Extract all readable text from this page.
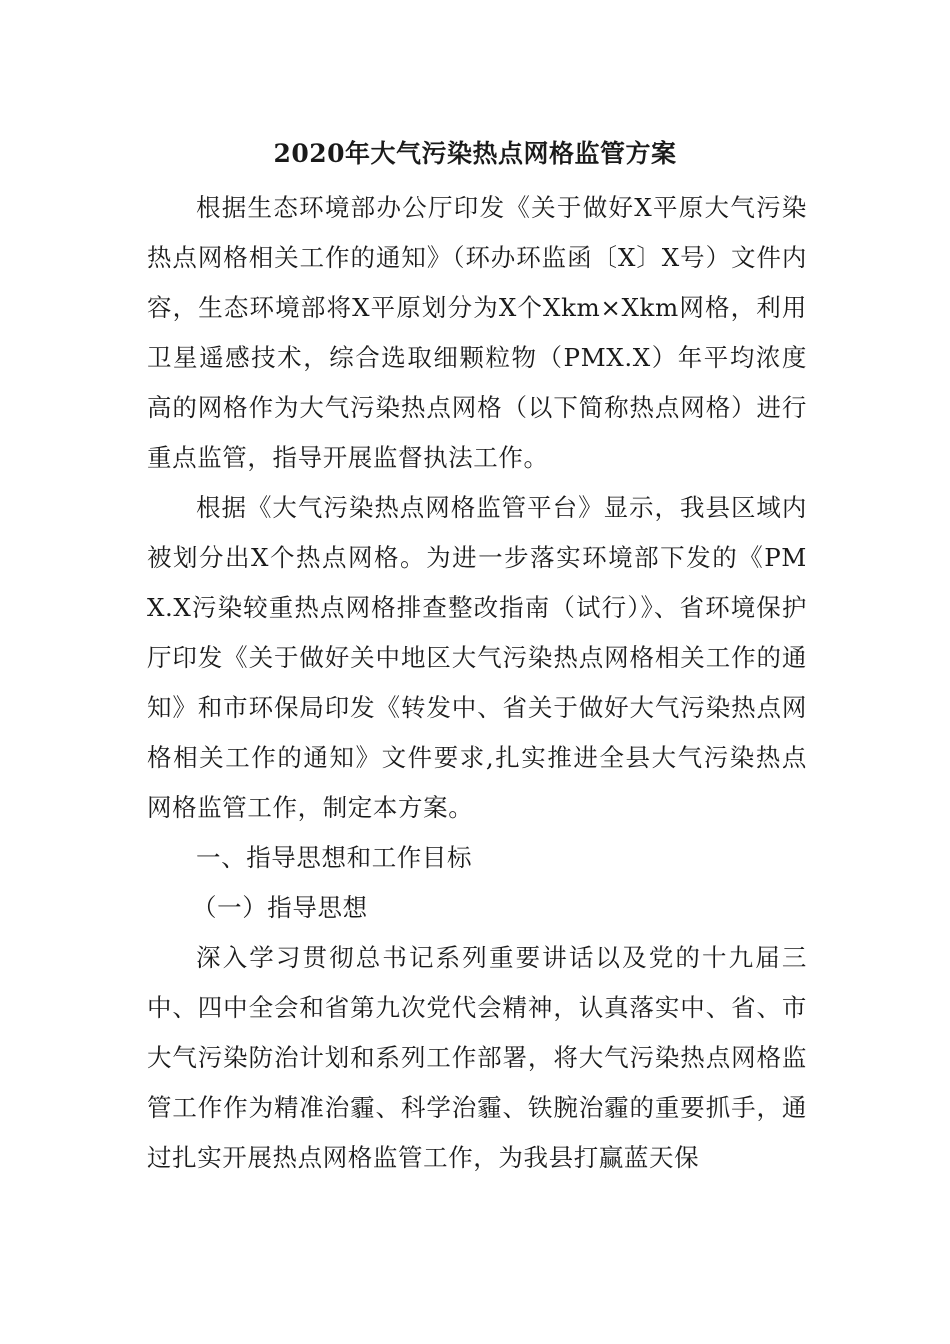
2020年大气污染热点网格监管方案

根据生态环境部办公厅印发《关于做好X平原大气污染热点网格相关工作的通知》（环办环监函〔X〕X号）文件内容，生态环境部将X平原划分为X个Xkm×Xkm网格，利用卫星遥感技术，综合选取细颗粒物（PMX.X）年平均浓度高的网格作为大气污染热点网格（以下简称热点网格）进行重点监管，指导开展监督执法工作。

根据《大气污染热点网格监管平台》显示，我县区域内被划分出X个热点网格。为进一步落实环境部下发的《PMX.X污染较重热点网格排查整改指南（试行）》、省环境保护厅印发《关于做好关中地区大气污染热点网格相关工作的通知》和市环保局印发《转发中、省关于做好大气污染热点网格相关工作的通知》文件要求,扎实推进全县大气污染热点网格监管工作，制定本方案。

一、指导思想和工作目标

（一）指导思想

深入学习贯彻总书记系列重要讲话以及党的十九届三中、四中全会和省第九次党代会精神，认真落实中、省、市大气污染防治计划和系列工作部署，将大气污染热点网格监管工作作为精准治霾、科学治霾、铁腕治霾的重要抓手，通过扎实开展热点网格监管工作，为我县打赢蓝天保
